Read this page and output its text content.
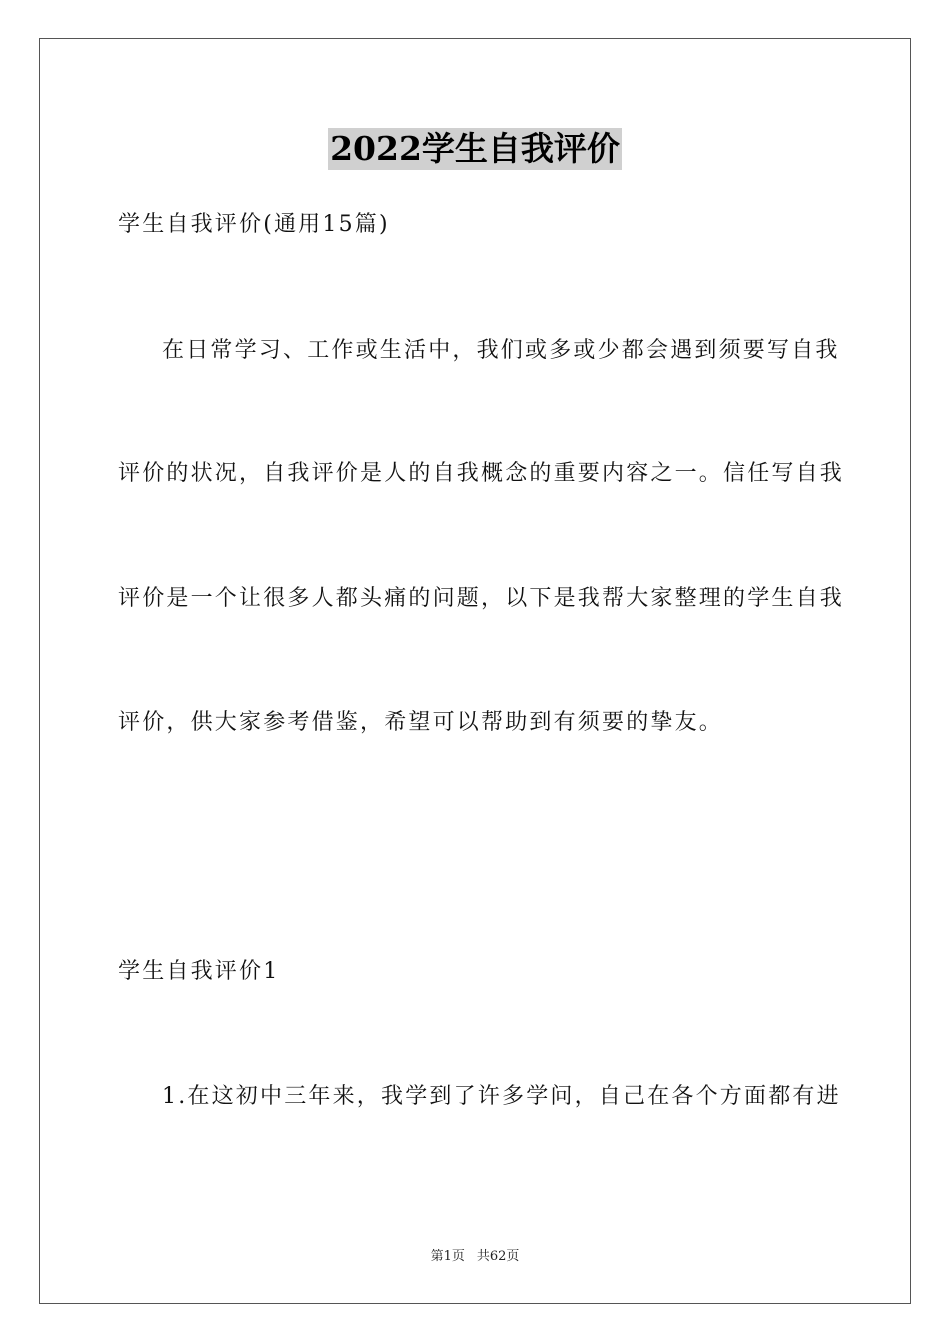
2022学生自我评价
学生自我评价(通用15篇)
在日常学习、工作或生活中，我们或多或少都会遇到须要写自我
评价的状况，自我评价是人的自我概念的重要内容之一。信任写自我
评价是一个让很多人都头痛的问题，以下是我帮大家整理的学生自我
评价，供大家参考借鉴，希望可以帮助到有须要的挚友。
学生自我评价1
1.在这初中三年来，我学到了许多学问，自己在各个方面都有进
第1页 共62页
